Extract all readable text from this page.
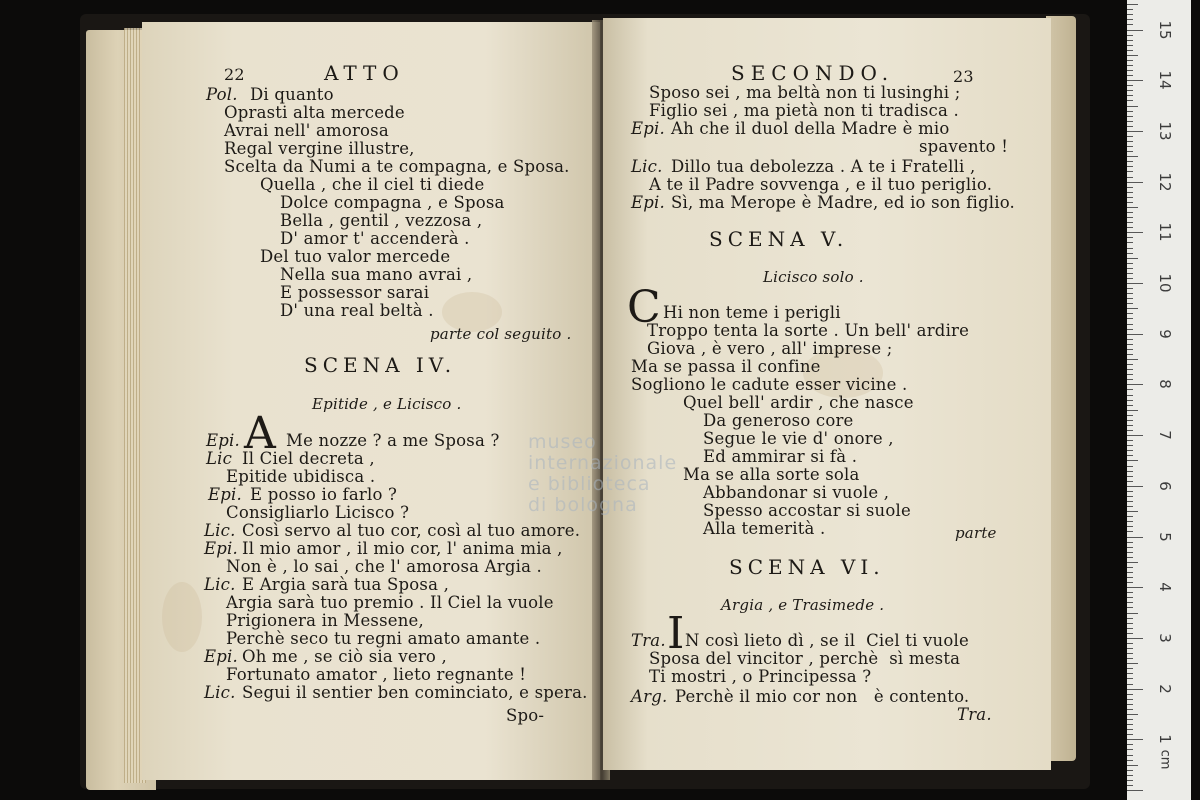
22	ATTO
Pol. Di quanto
Oprasti alta mercede
Avrai nell' amorosa
Regal vergine illustre,
Scelta da Numi a te compagna, e Sposa.
Quella , che il ciel ti diede
Dolce compagna , e Sposa
Bella , gentil , vezzosa ,
D' amor t' accenderà .
Del tuo valor mercede
Nella sua mano avrai ,
E possessor sarai
D' una real beltà .
parte col seguito .
SCENA IV.
Epitide , e Licisco .
A
Epi.	Me nozze ? a me Sposa ?
Lic Il Ciel decreta ,
Epitide ubidisca .
Epi. E posso io farlo ?
Consigliarlo Licisco ?
Lic. Così servo al tuo cor, così al tuo amore.
Epi. Il mio amor , il mio cor, l' anima mia ,
Non è , lo sai , che l' amorosa Argia .
Lic. E Argia sarà tua Sposa ,
Argia sarà tuo premio . Il Ciel la vuole
Prigionera in Messene,
Perchè seco tu regni amato amante .
Epi. Oh me , se ciò sia vero ,
Fortunato amator , lieto regnante !
Lic. Segui il sentier ben cominciato, e spera.
Spo-
SECONDO.	23
Sposo sei , ma beltà non ti lusinghi ;
Figlio sei , ma pietà non ti tradisca .
Epi. Ah che il duol della Madre è mio
spavento !
Lic. Dillo tua debolezza . A te i Fratelli ,
A te il Padre sovvenga , e il tuo periglio.
Epi. Sì, ma Merope è Madre, ed io son figlio.
SCENA V.
Licisco solo .
C Hi non teme i perigli
Troppo tenta la sorte . Un bell' ardire
Giova , è vero , all' imprese ;
Ma se passa il confine
Sogliono le cadute esser vicine .
Quel bell' ardir , che nasce
Da generoso core
Segue le vie d' onore ,
Ed ammirar si fà .
Ma se alla sorte sola
Abbandonar si vuole ,
Spesso accostar si suole
Alla temerità .	parte
SCENA VI.
Argia , e Trasimede .
I
Tra. N così lieto dì , se il  Ciel ti vuole
Sposa del vincitor , perchè  sì mesta
Ti mostri , o Principessa ?
Arg. Perchè il mio cor non   è contento.
Tra.
museo internazionale
e biblioteca
di bologna
1
2
3
4
5
6
7
8
9
10
11
12
13
14
15
cm
